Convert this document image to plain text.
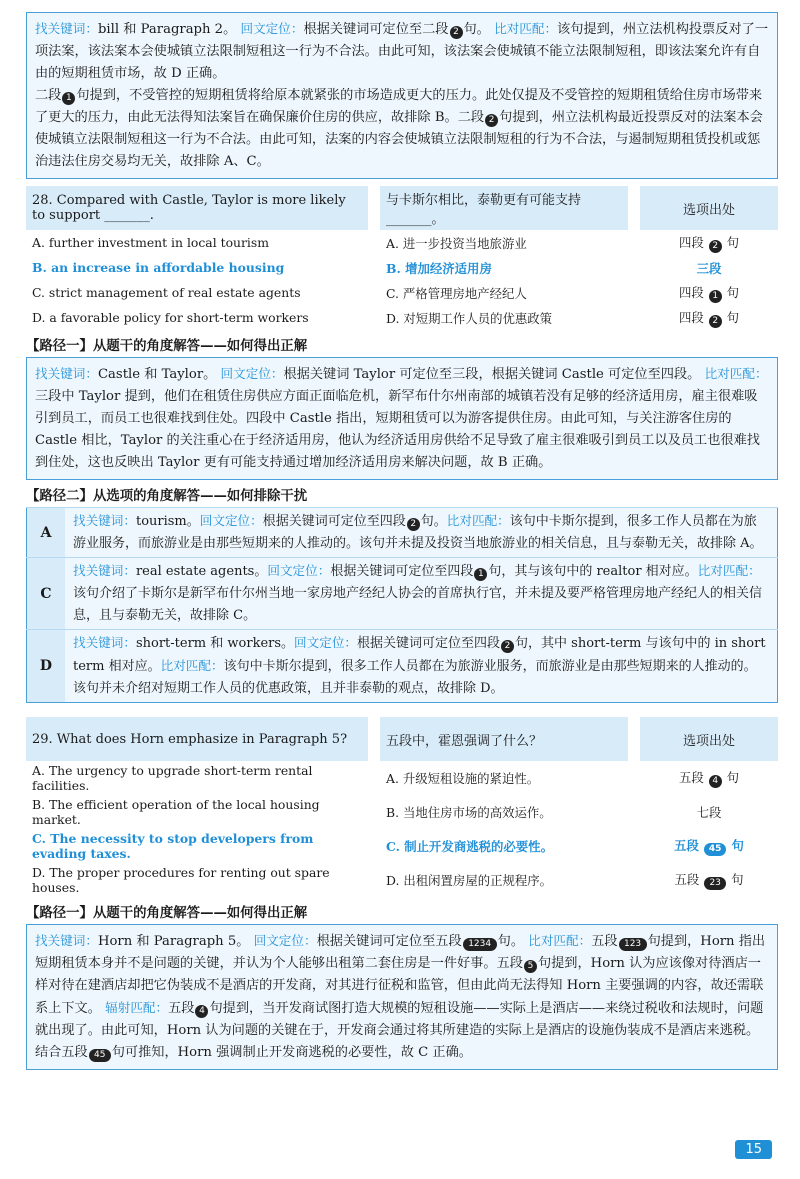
找关键词：bill 和 Paragraph 2。 回文定位：根据关键词可定位至二段 2 句。 比对匹配：该句提到，州立法机构投票反对了一项法案，该法案本会使城镇立法限制短租这一行为不合法。由此可知，该法案会使城镇不能立法限制短租，即该法案允许有自由的短期租赁市场，故 D 正确。
二段 1 句提到，不受管控的短期租赁将给原本就紧张的市场造成更大的压力。此处仅提及不受管控的短期租赁给住房市场带来了更大的压力，由此无法得知法案旨在确保廉价住房的供应，故排除 B。二段 2 句提到，州立法机构最近投票反对的法案本会使城镇立法限制短租这一行为不合法。由此可知，法案的内容会使城镇立法限制短租的行为不合法，与遏制短期租赁投机或惩治违法住房交易均无关，故排除 A、C。
28. Compared with Castle, Taylor is more likely to support _______.		与卡斯尔相比，泰勒更有可能支持_______。		选项出处
A. further investment in local tourism		A. 进一步投资当地旅游业		四段 2 句
B. an increase in affordable housing		B. 增加经济适用房		三段
C. strict management of real estate agents		C. 严格管理房地产经纪人		四段 1 句
D. a favorable policy for short-term workers		D. 对短期工作人员的优惠政策		四段 2 句
【路径一】从题干的角度解答——如何得出正解
找关键词：Castle 和 Taylor。 回文定位：根据关键词 Taylor 可定位至三段，根据关键词 Castle 可定位至四段。 比对匹配：三段中 Taylor 提到，他们在租赁住房供应方面正面临危机，新罕布什尔州南部的城镇若没有足够的经济适用房，雇主很难吸引到员工，而员工也很难找到住处。四段中 Castle 指出，短期租赁可以为游客提供住房。由此可知，与关注游客住房的 Castle 相比，Taylor 的关注重心在于经济适用房，他认为经济适用房供给不足导致了雇主很难吸引到员工以及员工也很难找到住处，这也反映出 Taylor 更有可能支持通过增加经济适用房来解决问题，故 B 正确。
【路径二】从选项的角度解答——如何排除干扰
A	找关键词：tourism。回文定位：根据关键词可定位至四段 2 句。比对匹配：该句中卡斯尔提到，很多工作人员都在为旅游业服务，而旅游业是由那些短期来的人推动的。该句并未提及投资当地旅游业的相关信息，且与泰勒无关，故排除 A。
C	找关键词：real estate agents。回文定位：根据关键词可定位至四段 1 句，其与该句中的 realtor 相对应。比对匹配：该句介绍了卡斯尔是新罕布什尔州当地一家房地产经纪人协会的首席执行官，并未提及要严格管理房地产经纪人的相关信息，且与泰勒无关，故排除 C。
D	找关键词：short-term 和 workers。回文定位：根据关键词可定位至四段 2 句，其中 short-term 与该句中的 in short term 相对应。比对匹配：该句中卡斯尔提到，很多工作人员都在为旅游业服务，而旅游业是由那些短期来的人推动的。该句并未介绍对短期工作人员的优惠政策，且并非泰勒的观点，故排除 D。
29. What does Horn emphasize in Paragraph 5?		五段中，霍恩强调了什么？		选项出处
A. The urgency to upgrade short-term rental facilities.		A. 升级短租设施的紧迫性。		五段 4 句
B. The efficient operation of the local housing market.		B. 当地住房市场的高效运作。		七段
C. The necessity to stop developers from evading taxes.		C. 制止开发商逃税的必要性。		五段 45 句
D. The proper procedures for renting out spare houses.		D. 出租闲置房屋的正规程序。		五段 23 句
【路径一】从题干的角度解答——如何得出正解
找关键词：Horn 和 Paragraph 5。 回文定位：根据关键词可定位至五段 1234 句。 比对匹配：五段 123 句提到，Horn 指出短期租赁本身并不是问题的关键，并认为个人能够出租第二套住房是一件好事。五段 5 句提到，Horn 认为应该像对待酒店一样对待在建酒店却把它伪装成不是酒店的开发商，对其进行征税和监管，但由此尚无法得知 Horn 主要强调的内容，故还需联系上下文。 辐射匹配：五段 4 句提到，当开发商试图打造大规模的短租设施——实际上是酒店——来绕过税收和法规时，问题就出现了。由此可知，Horn 认为问题的关键在于，开发商会通过将其所建造的实际上是酒店的设施伪装成不是酒店来逃税。结合五段 45 句可推知，Horn 强调制止开发商逃税的必要性，故 C 正确。
15
